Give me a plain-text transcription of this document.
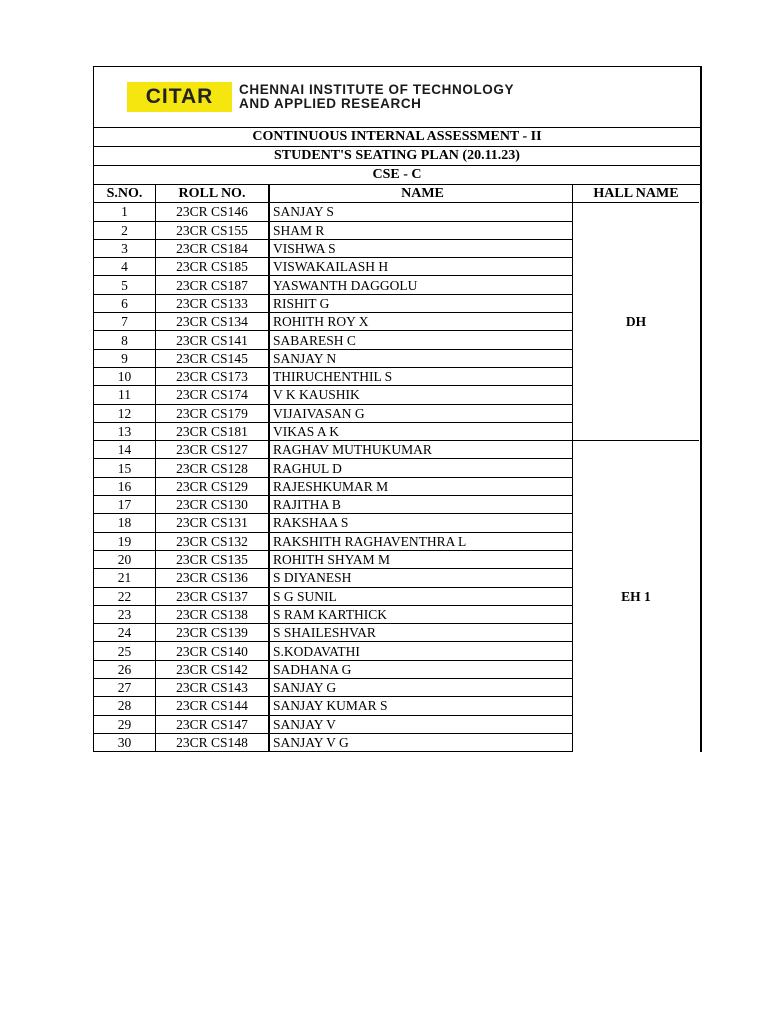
CITAR CHENNAI INSTITUTE OF TECHNOLOGY
AND APPLIED RESEARCH
CONTINUOUS INTERNAL ASSESSMENT - II
STUDENT'S SEATING PLAN (20.11.23)
CSE - C
S.NO.	ROLL NO.	NAME	HALL NAME
1	23CR CS146	SANJAY S	DH
2	23CR CS155	SHAM R	
3	23CR CS184	VISHWA S	
4	23CR CS185	VISWAKAILASH H	
5	23CR CS187	YASWANTH DAGGOLU	
6	23CR CS133	RISHIT G	
7	23CR CS134	ROHITH ROY X	
8	23CR CS141	SABARESH C	
9	23CR CS145	SANJAY N	
10	23CR CS173	THIRUCHENTHIL S	
11	23CR CS174	V K KAUSHIK	
12	23CR CS179	VIJAIVASAN G	
13	23CR CS181	VIKAS A K	
14	23CR CS127	RAGHAV MUTHUKUMAR	EH 1
15	23CR CS128	RAGHUL D	
16	23CR CS129	RAJESHKUMAR M	
17	23CR CS130	RAJITHA B	
18	23CR CS131	RAKSHAA S	
19	23CR CS132	RAKSHITH RAGHAVENTHRA L	
20	23CR CS135	ROHITH SHYAM M	
21	23CR CS136	S DIYANESH	
22	23CR CS137	S G SUNIL	
23	23CR CS138	S RAM KARTHICK	
24	23CR CS139	S SHAILESHVAR	
25	23CR CS140	S.KODAVATHI	
26	23CR CS142	SADHANA G	
27	23CR CS143	SANJAY G	
28	23CR CS144	SANJAY KUMAR S	
29	23CR CS147	SANJAY V	
30	23CR CS148	SANJAY V G	
